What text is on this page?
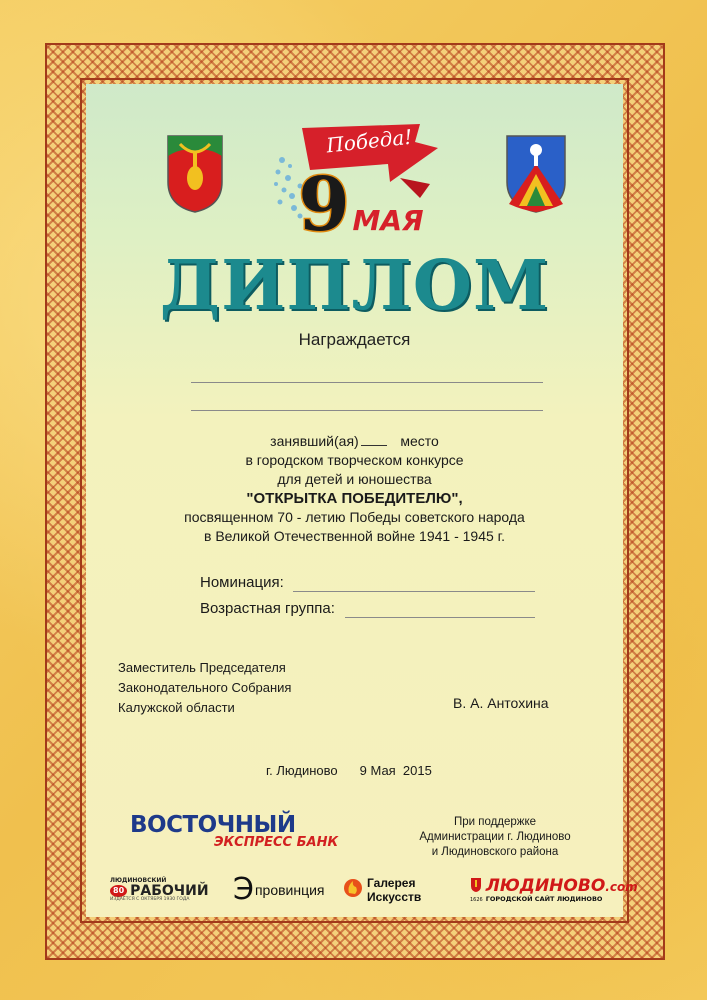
Победа!
9 МАЯ
ДИПЛОМ
Награждается
занявший(ая)	место
в городском творческом конкурсе
для детей и юношества
"ОТКРЫТКА ПОБЕДИТЕЛЮ",
посвященном 70 - летию Победы советского народа
в Великой Отечественной войне 1941 - 1945 г.
Номинация:
Возрастная группа:
Заместитель Председателя
Законодательного Собрания
Калужской области	В. А. Антохина
г. Людиново 9 Мая  2015
ВОСТОЧНЫЙ
ЭКСПРЕСС БАНК
При поддержке
Администрации г. Людиново
и Людиновского района
ЛЮДИНОВСКИЙ
80 РАБОЧИЙ
ИЗДАЁТСЯ С ОКТЯБРЯ 1930 ГОДА	Э провинция	Галерея Искусств	1626
ЛЮДИНОВО.com
ГОРОДСКОЙ САЙТ ЛЮДИНОВО
